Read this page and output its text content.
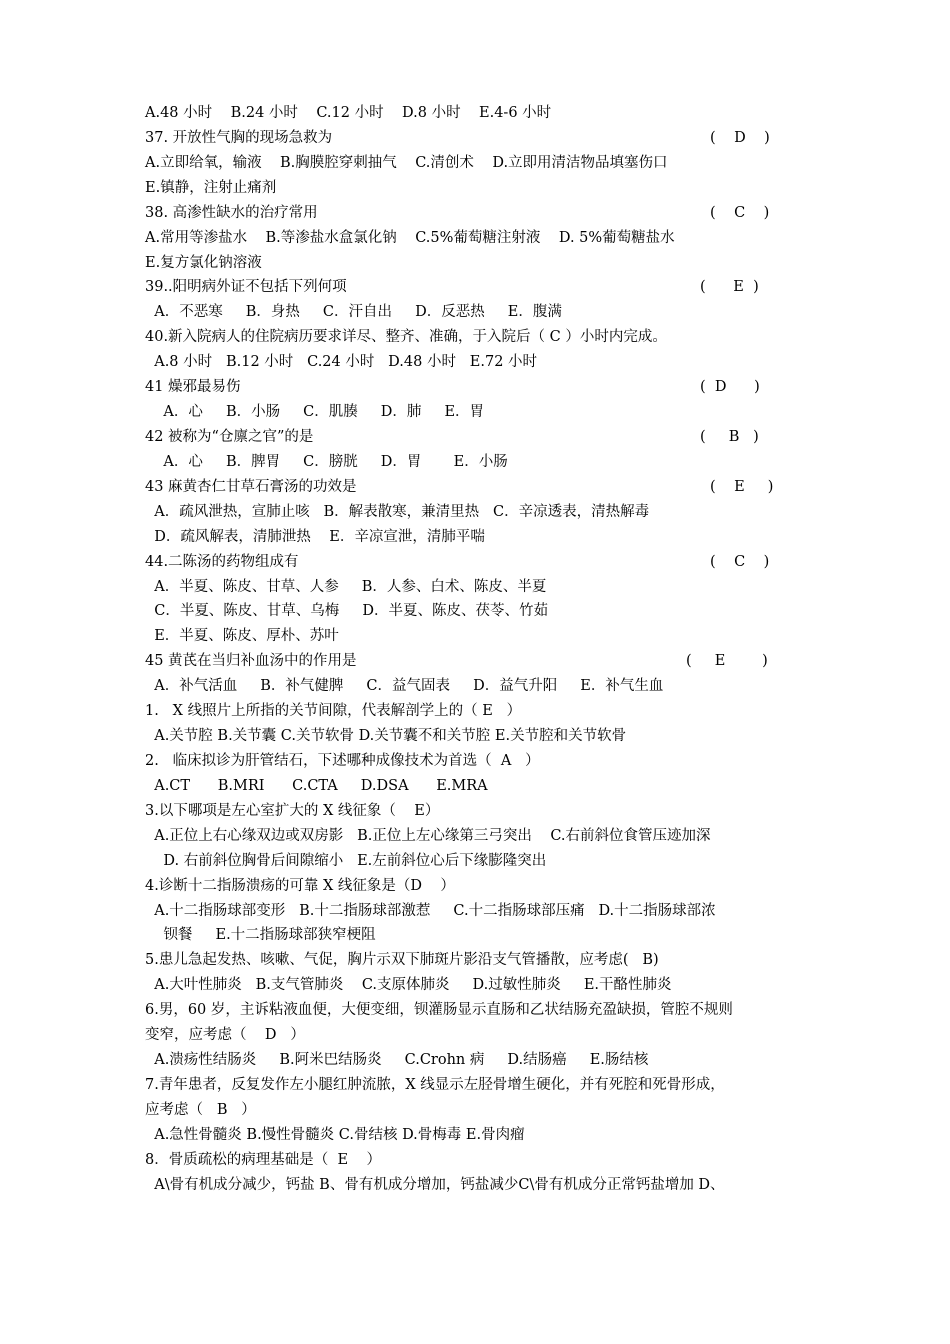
A.48 小时    B.24 小时    C.12 小时    D.8 小时    E.4-6 小时
37. 开放性气胸的现场急救为	(    D    )
A.立即给氧，输液    B.胸膜腔穿刺抽气    C.清创术    D.立即用清洁物品填塞伤口
E.镇静，注射止痛剂
38. 高渗性缺水的治疗常用	(    C    )
A.常用等渗盐水    B.等渗盐水盒氯化钠    C.5%葡萄糖注射液    D. 5%葡萄糖盐水
E.复方氯化钠溶液
39..阳明病外证不包括下列何项	(      E  )
A．不恶寒     B．身热     C．汗自出     D．反恶热     E．腹满
40.新入院病人的住院病历要求详尽、整齐、准确，于入院后（ C ）小时内完成。
A.8 小时   B.12 小时   C.24 小时   D.48 小时   E.72 小时
41 燥邪最易伤	(  D      )
A．心     B．小肠     C．肌腠     D．肺     E．胃
42 被称为“仓廪之官”的是	(     B   )
A．心     B．脾胃     C．膀胱     D．胃       E．小肠
43 麻黄杏仁甘草石膏汤的功效是	(    E     )
A．疏风泄热，宣肺止咳   B．解表散寒，兼清里热   C．辛凉透表，清热解毒
D．疏风解表，清肺泄热    E．辛凉宣泄，清肺平喘
44.二陈汤的药物组成有	(    C    )
A．半夏、陈皮、甘草、人参     B．人参、白术、陈皮、半夏
C．半夏、陈皮、甘草、乌梅     D．半夏、陈皮、茯苓、竹茹
E．半夏、陈皮、厚朴、苏叶
45 黄芪在当归补血汤中的作用是	(     E        )
A．补气活血     B．补气健脾     C．益气固表     D．益气升阳     E．补气生血
1.   X 线照片上所指的关节间隙，代表解剖学上的（ E   ）
A.关节腔 B.关节囊 C.关节软骨 D.关节囊不和关节腔 E.关节腔和关节软骨
2.   临床拟诊为肝管结石，下述哪种成像技术为首选（  A   ）
A.CT      B.MRI      C.CTA     D.DSA      E.MRA
3.以下哪项是左心室扩大的 X 线征象（    E）
A.正位上右心缘双边或双房影   B.正位上左心缘第三弓突出    C.右前斜位食管压迹加深
D. 右前斜位胸骨后间隙缩小   E.左前斜位心后下缘膨隆突出
4.诊断十二指肠溃疡的可靠 X 线征象是（D    ）
A.十二指肠球部变形   B.十二指肠球部激惹     C.十二指肠球部压痛   D.十二指肠球部浓
钡餐     E.十二指肠球部狭窄梗阻
5.患儿急起发热、咳嗽、气促，胸片示双下肺斑片影沿支气管播散，应考虑(   B)
A.大叶性肺炎   B.支气管肺炎    C.支原体肺炎     D.过敏性肺炎     E.干酪性肺炎
6.男，60 岁，主诉粘液血便，大便变细，钡灌肠显示直肠和乙状结肠充盈缺损，管腔不规则
变窄，应考虑（    D   ）
A.溃疡性结肠炎     B.阿米巴结肠炎     C.Crohn 病     D.结肠癌     E.肠结核
7.青年患者，反复发作左小腿红肿流脓，X 线显示左胫骨增生硬化，并有死腔和死骨形成，
应考虑（   B   ）
A.急性骨髓炎 B.慢性骨髓炎 C.骨结核 D.骨梅毒 E.骨肉瘤
8．骨质疏松的病理基础是（  E    ）
A\骨有机成分减少，钙盐 B、骨有机成分增加，钙盐减少C\骨有机成分正常钙盐增加 D、
